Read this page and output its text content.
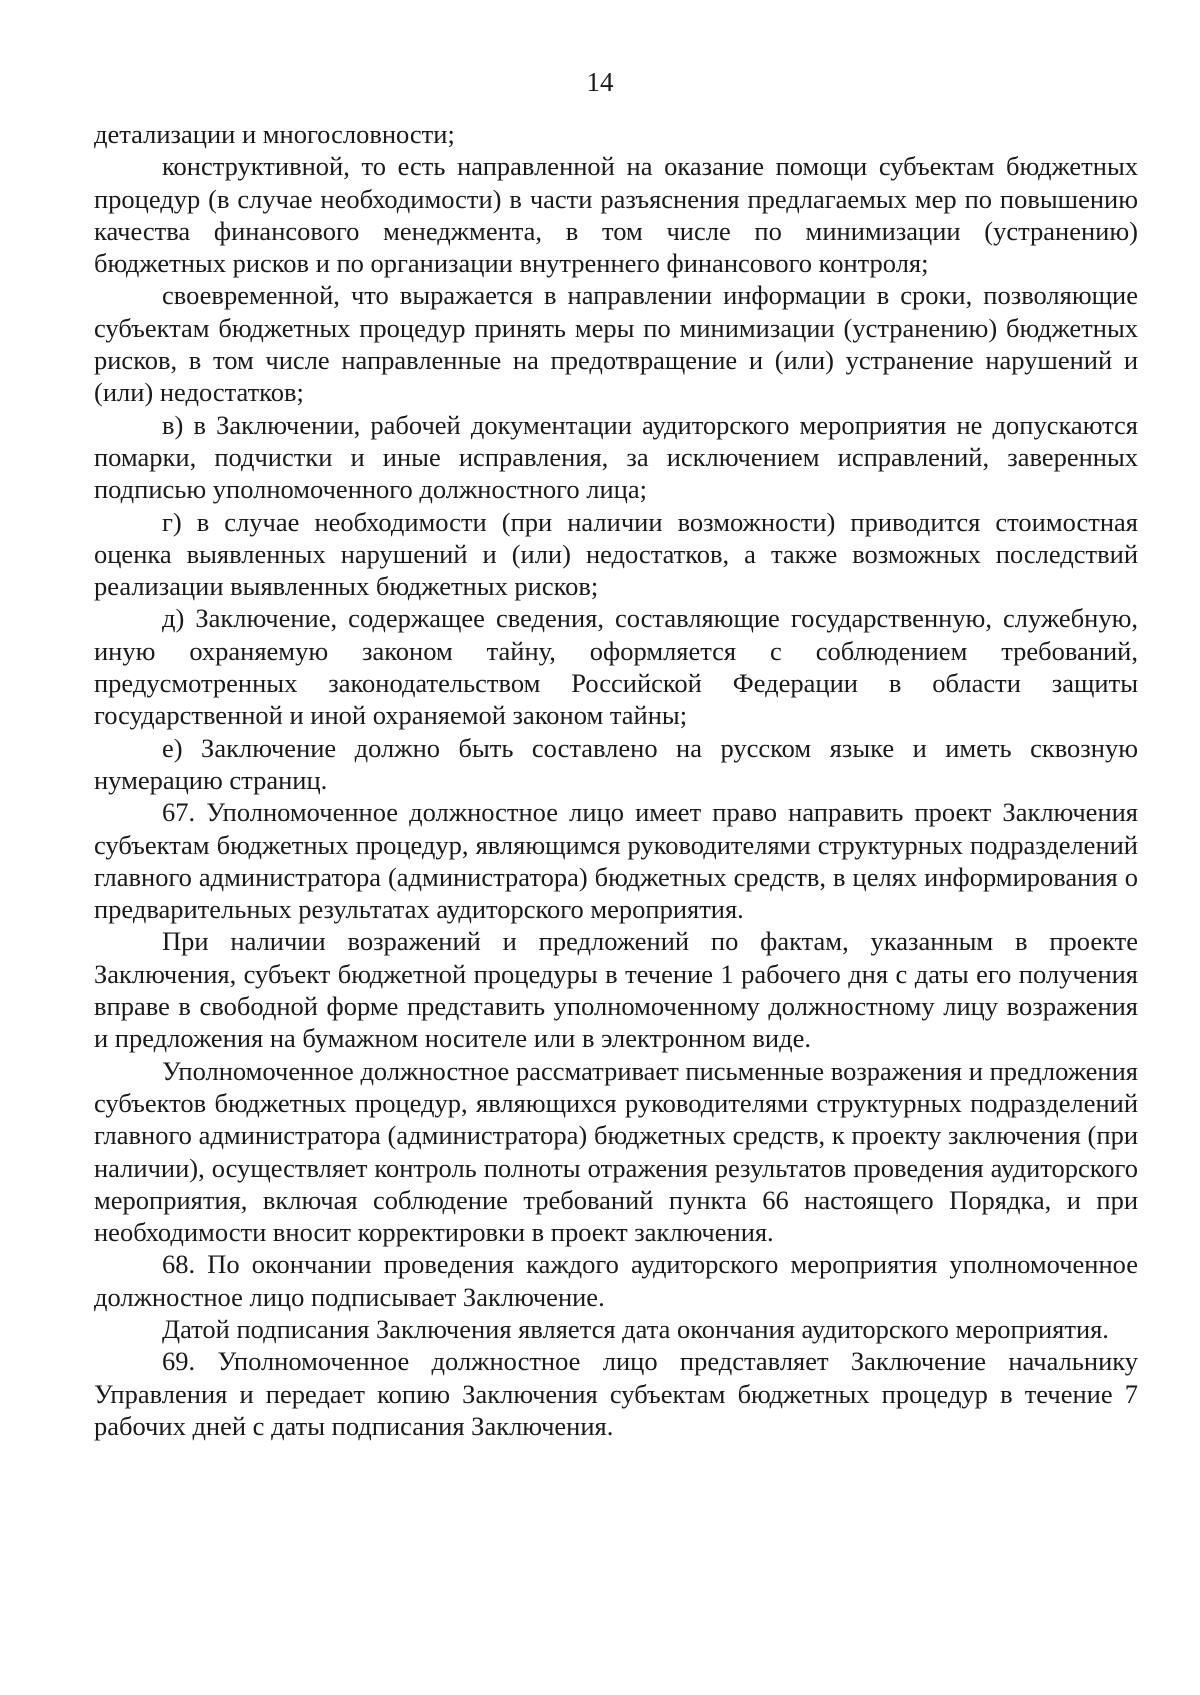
14

детализации и многословности;

конструктивной, то есть направленной на оказание помощи субъектам бюджетных процедур (в случае необходимости) в части разъяснения предлагаемых мер по повышению качества финансового менеджмента, в том числе по минимизации (устранению) бюджетных рисков и по организации внутреннего финансового контроля;

своевременной, что выражается в направлении информации в сроки, позволяющие субъектам бюджетных процедур принять меры по минимизации (устранению) бюджетных рисков, в том числе направленные на предотвращение и (или) устранение нарушений и (или) недостатков;

в) в Заключении, рабочей документации аудиторского мероприятия не допускаются помарки, подчистки и иные исправления, за исключением исправлений, заверенных подписью уполномоченного должностного лица;

г) в случае необходимости (при наличии возможности) приводится стоимостная оценка выявленных нарушений и (или) недостатков, а также возможных последствий реализации выявленных бюджетных рисков;

д) Заключение, содержащее сведения, составляющие государственную, служебную, иную охраняемую законом тайну, оформляется с соблюдением требований, предусмотренных законодательством Российской Федерации в области защиты государственной и иной охраняемой законом тайны;

е) Заключение должно быть составлено на русском языке и иметь сквозную нумерацию страниц.

67. Уполномоченное должностное лицо имеет право направить проект Заключения субъектам бюджетных процедур, являющимся руководителями структурных подразделений главного администратора (администратора) бюджетных средств, в целях информирования о предварительных результатах аудиторского мероприятия.

При наличии возражений и предложений по фактам, указанным в проекте Заключения, субъект бюджетной процедуры в течение 1 рабочего дня с даты его получения вправе в свободной форме представить уполномоченному должностному лицу возражения и предложения на бумажном носителе или в электронном виде.

Уполномоченное должностное рассматривает письменные возражения и предложения субъектов бюджетных процедур, являющихся руководителями структурных подразделений главного администратора (администратора) бюджетных средств, к проекту заключения (при наличии), осуществляет контроль полноты отражения результатов проведения аудиторского мероприятия, включая соблюдение требований пункта 66 настоящего Порядка, и при необходимости вносит корректировки в проект заключения.

68. По окончании проведения каждого аудиторского мероприятия уполномоченное должностное лицо подписывает Заключение.

Датой подписания Заключения является дата окончания аудиторского мероприятия.

69. Уполномоченное должностное лицо представляет Заключение начальнику Управления и передает копию Заключения субъектам бюджетных процедур в течение 7 рабочих дней с даты подписания Заключения.
